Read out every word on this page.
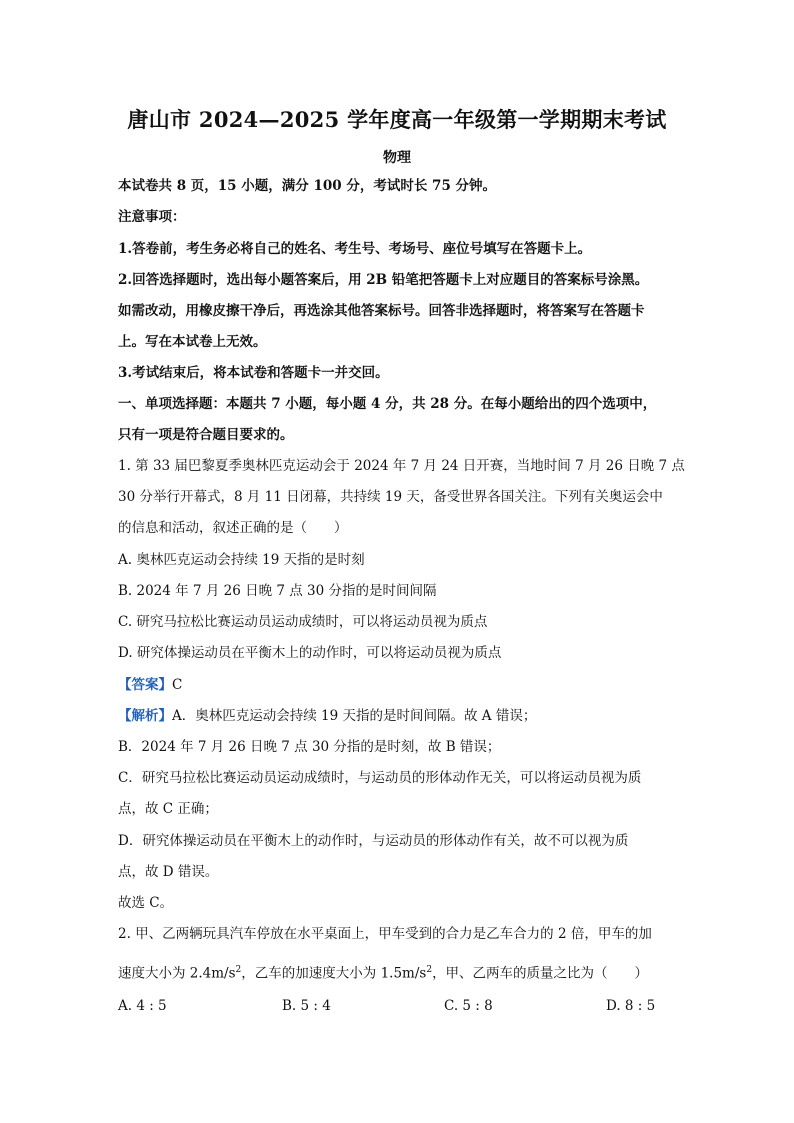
唐山市 2024—2025 学年度高一年级第一学期期末考试
物理
本试卷共 8 页，15 小题，满分 100 分，考试时长 75 分钟。
注意事项：
1.答卷前，考生务必将自己的姓名、考生号、考场号、座位号填写在答题卡上。
2.回答选择题时，选出每小题答案后，用 2B 铅笔把答题卡上对应题目的答案标号涂黑。
如需改动，用橡皮擦干净后，再选涂其他答案标号。回答非选择题时，将答案写在答题卡
上。写在本试卷上无效。
3.考试结束后，将本试卷和答题卡一并交回。
一、单项选择题：本题共 7 小题，每小题 4 分，共 28 分。在每小题给出的四个选项中，
只有一项是符合题目要求的。
1. 第 33 届巴黎夏季奥林匹克运动会于 2024 年 7 月 24 日开赛，当地时间 7 月 26 日晚 7 点
30 分举行开幕式，8 月 11 日闭幕，共持续 19 天，备受世界各国关注。下列有关奥运会中
的信息和活动，叙述正确的是（　　）
A. 奥林匹克运动会持续 19 天指的是时刻
B. 2024 年 7 月 26 日晚 7 点 30 分指的是时间间隔
C. 研究马拉松比赛运动员运动成绩时，可以将运动员视为质点
D. 研究体操运动员在平衡木上的动作时，可以将运动员视为质点
【答案】C
【解析】A．奥林匹克运动会持续 19 天指的是时间间隔。故 A 错误；
B．2024 年 7 月 26 日晚 7 点 30 分指的是时刻，故 B 错误；
C．研究马拉松比赛运动员运动成绩时，与运动员的形体动作无关，可以将运动员视为质
点，故 C 正确；
D．研究体操运动员在平衡木上的动作时，与运动员的形体动作有关，故不可以视为质
点，故 D 错误。
故选 C。
2. 甲、乙两辆玩具汽车停放在水平桌面上，甲车受到的合力是乙车合力的 2 倍，甲车的加
速度大小为 $2.4m/s^2$，乙车的加速度大小为 $1.5m/s^2$，甲、乙两车的质量之比为（　　）
A. 4 : 5	B. 5 : 4	C. 5 : 8	D. 8 : 5
